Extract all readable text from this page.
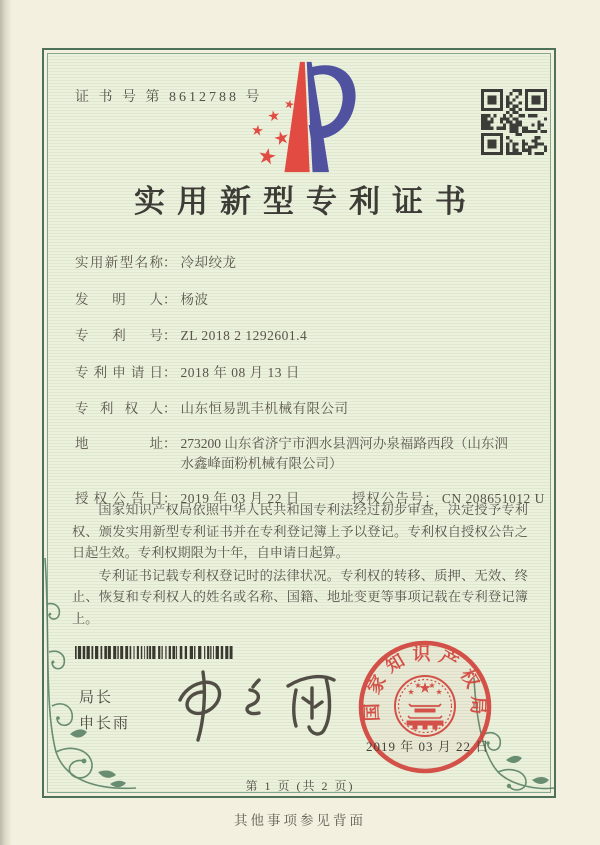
证 书 号 第 8612788 号
实用新型专利证书
实用新型名称： 冷却绞龙
发明人： 杨波
专利号： ZL 2018 2 1292601.4
专利申请日： 2018 年 08 月 13 日
专利权人： 山东恒易凯丰机械有限公司
地址： 273200 山东省济宁市泗水县泗河办泉福路西段（山东泗
水鑫峰面粉机械有限公司）
授权公告日： 2019 年 03 月 22 日	授权公告号： CN 208651012 U

国家知识产权局依照中华人民共和国专利法经过初步审查，决定授予专利权、颁发实用新型专利证书并在专利登记簿上予以登记。专利权自授权公告之日起生效。专利权期限为十年，自申请日起算。

专利证书记载专利权登记时的法律状况。专利权的转移、质押、无效、终止、恢复和专利权人的姓名或名称、国籍、地址变更等事项记载在专利登记簿上。

局长
申长雨
国家知识产权局
2019 年 03 月 22 日
第 1 页 (共 2 页)
其他事项参见背面
